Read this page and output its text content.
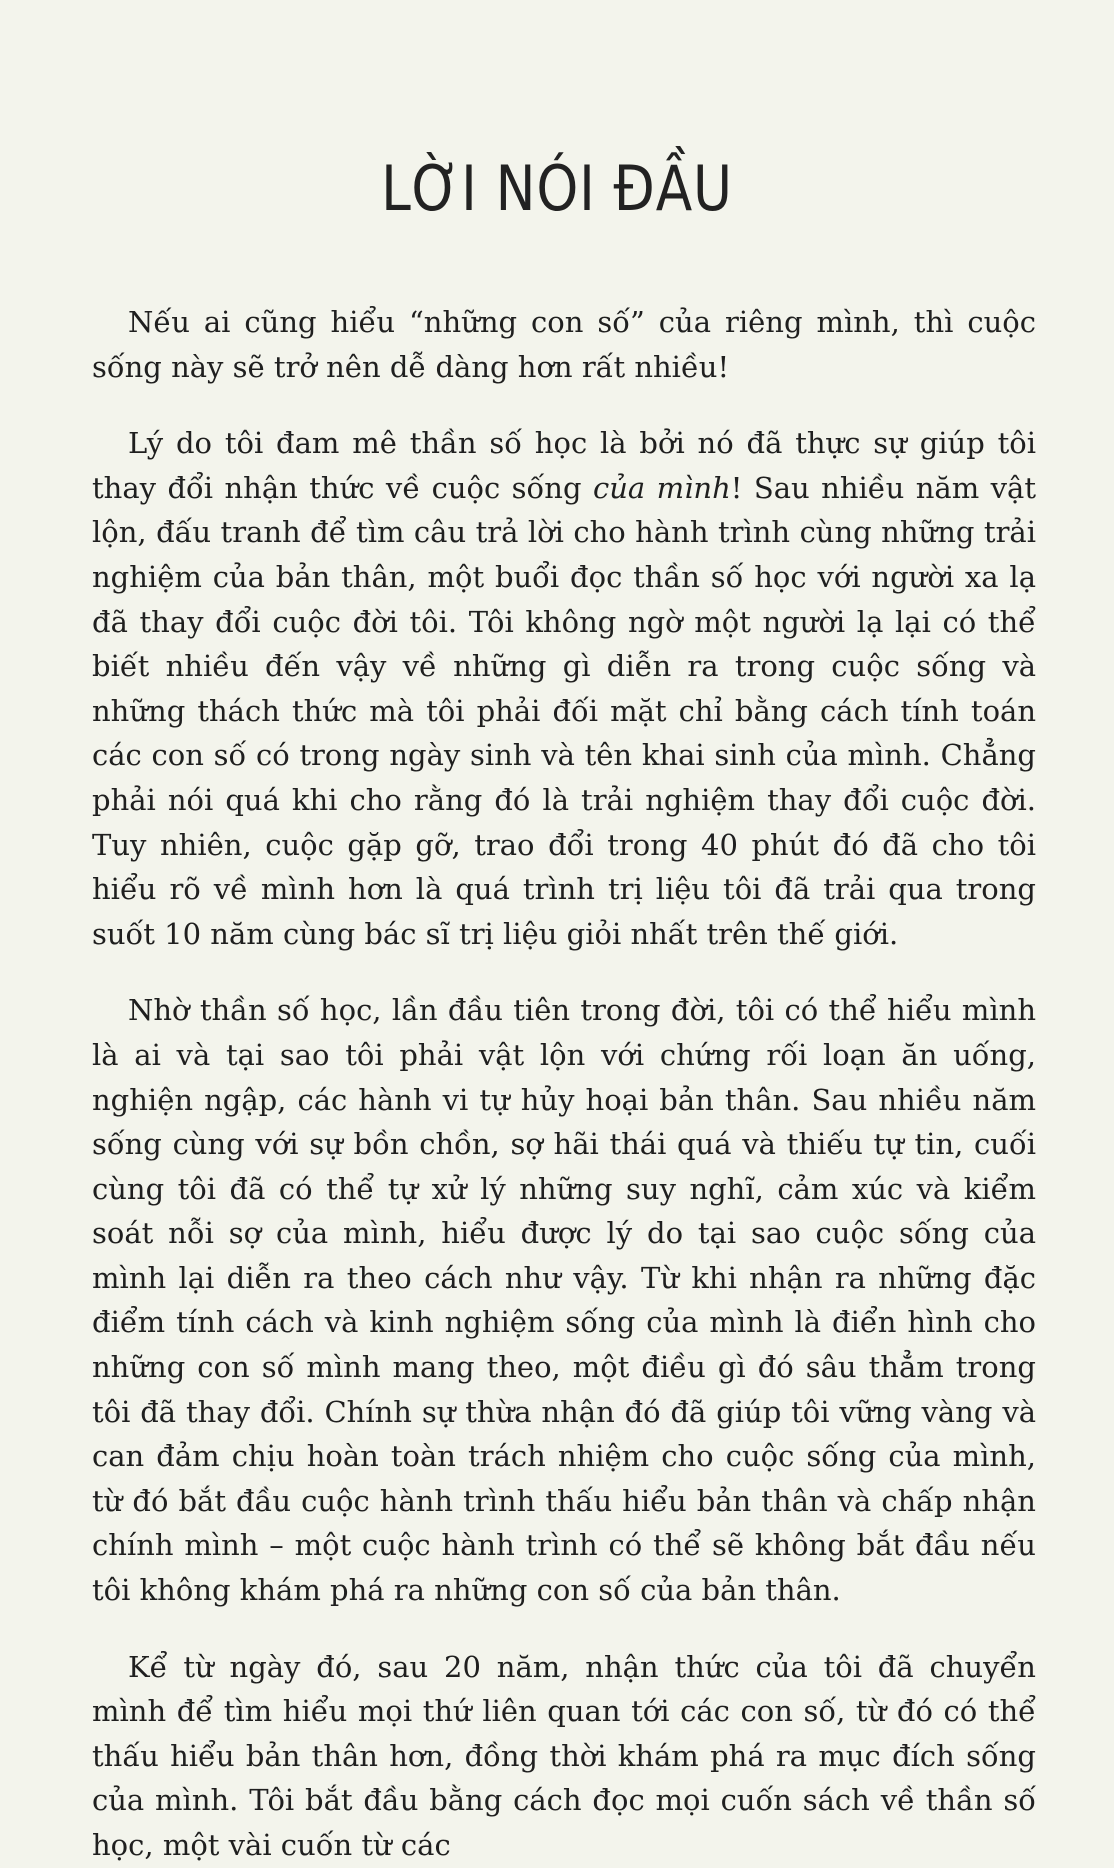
LỜI NÓI ĐẦU

Nếu ai cũng hiểu “những con số” của riêng mình, thì cuộc sống này sẽ trở nên dễ dàng hơn rất nhiều!

Lý do tôi đam mê thần số học là bởi nó đã thực sự giúp tôi thay đổi nhận thức về cuộc sống của mình! Sau nhiều năm vật lộn, đấu tranh để tìm câu trả lời cho hành trình cùng những trải nghiệm của bản thân, một buổi đọc thần số học với người xa lạ đã thay đổi cuộc đời tôi. Tôi không ngờ một người lạ lại có thể biết nhiều đến vậy về những gì diễn ra trong cuộc sống và những thách thức mà tôi phải đối mặt chỉ bằng cách tính toán các con số có trong ngày sinh và tên khai sinh của mình. Chẳng phải nói quá khi cho rằng đó là trải nghiệm thay đổi cuộc đời. Tuy nhiên, cuộc gặp gỡ, trao đổi trong 40 phút đó đã cho tôi hiểu rõ về mình hơn là quá trình trị liệu tôi đã trải qua trong suốt 10 năm cùng bác sĩ trị liệu giỏi nhất trên thế giới.

Nhờ thần số học, lần đầu tiên trong đời, tôi có thể hiểu mình là ai và tại sao tôi phải vật lộn với chứng rối loạn ăn uống, nghiện ngập, các hành vi tự hủy hoại bản thân. Sau nhiều năm sống cùng với sự bồn chồn, sợ hãi thái quá và thiếu tự tin, cuối cùng tôi đã có thể tự xử lý những suy nghĩ, cảm xúc và kiểm soát nỗi sợ của mình, hiểu được lý do tại sao cuộc sống của mình lại diễn ra theo cách như vậy. Từ khi nhận ra những đặc điểm tính cách và kinh nghiệm sống của mình là điển hình cho những con số mình mang theo, một điều gì đó sâu thẳm trong tôi đã thay đổi. Chính sự thừa nhận đó đã giúp tôi vững vàng và can đảm chịu hoàn toàn trách nhiệm cho cuộc sống của mình, từ đó bắt đầu cuộc hành trình thấu hiểu bản thân và chấp nhận chính mình – một cuộc hành trình có thể sẽ không bắt đầu nếu tôi không khám phá ra những con số của bản thân.

Kể từ ngày đó, sau 20 năm, nhận thức của tôi đã chuyển mình để tìm hiểu mọi thứ liên quan tới các con số, từ đó có thể thấu hiểu bản thân hơn, đồng thời khám phá ra mục đích sống của mình. Tôi bắt đầu bằng cách đọc mọi cuốn sách về thần số học, một vài cuốn từ các
